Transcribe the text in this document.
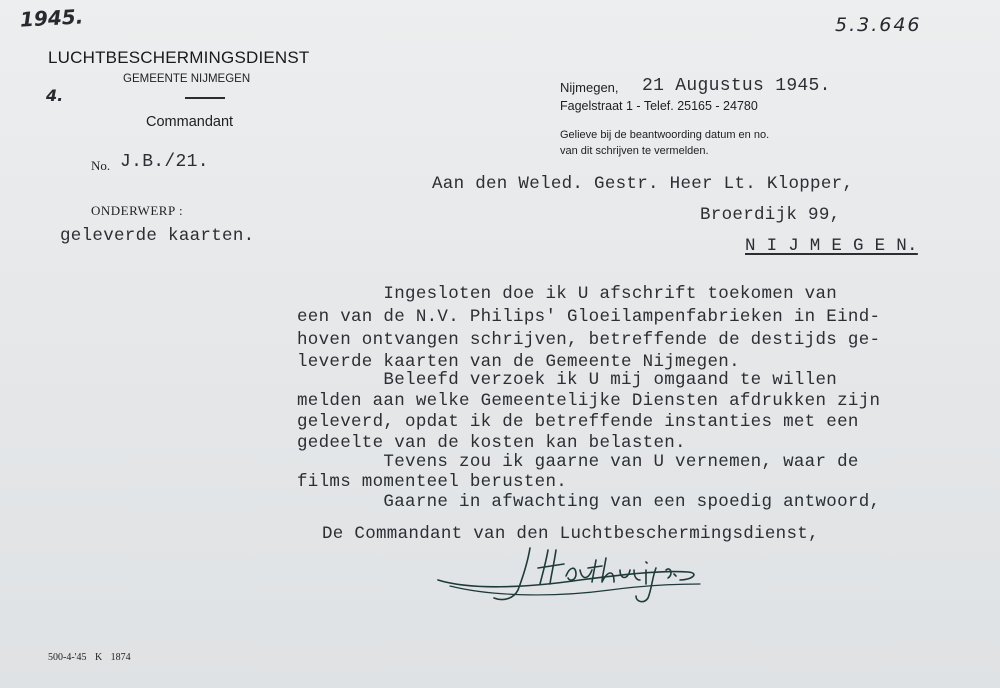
1945.	5.3.646
4.
LUCHTBESCHERMINGSDIENST
GEMEENTE NIJMEGEN
Commandant
Nijmegen, 21 Augustus 1945.
Fagelstraat 1 - Telef. 25165 - 24780
Gelieve bij de beantwoording datum en no.
van dit schrijven te vermelden.
No. J.B./21.
ONDERWERP :
geleverde kaarten.
Aan den Weled. Gestr. Heer Lt. Klopper,
Broerdijk 99,
N I J M E G E N.
Ingesloten doe ik U afschrift toekomen van
een van de N.V. Philips' Gloeilampenfabrieken in Eind-
hoven ontvangen schrijven, betreffende de destijds ge-
leverde kaarten van de Gemeente Nijmegen.
Beleefd verzoek ik U mij omgaand te willen
melden aan welke Gemeentelijke Diensten afdrukken zijn
geleverd, opdat ik de betreffende instanties met een
gedeelte van de kosten kan belasten.
Tevens zou ik gaarne van U vernemen, waar de
films momenteel berusten.
Gaarne in afwachting van een spoedig antwoord,
De Commandant van den Luchtbeschermingsdienst,
500-4-'45 K 1874
